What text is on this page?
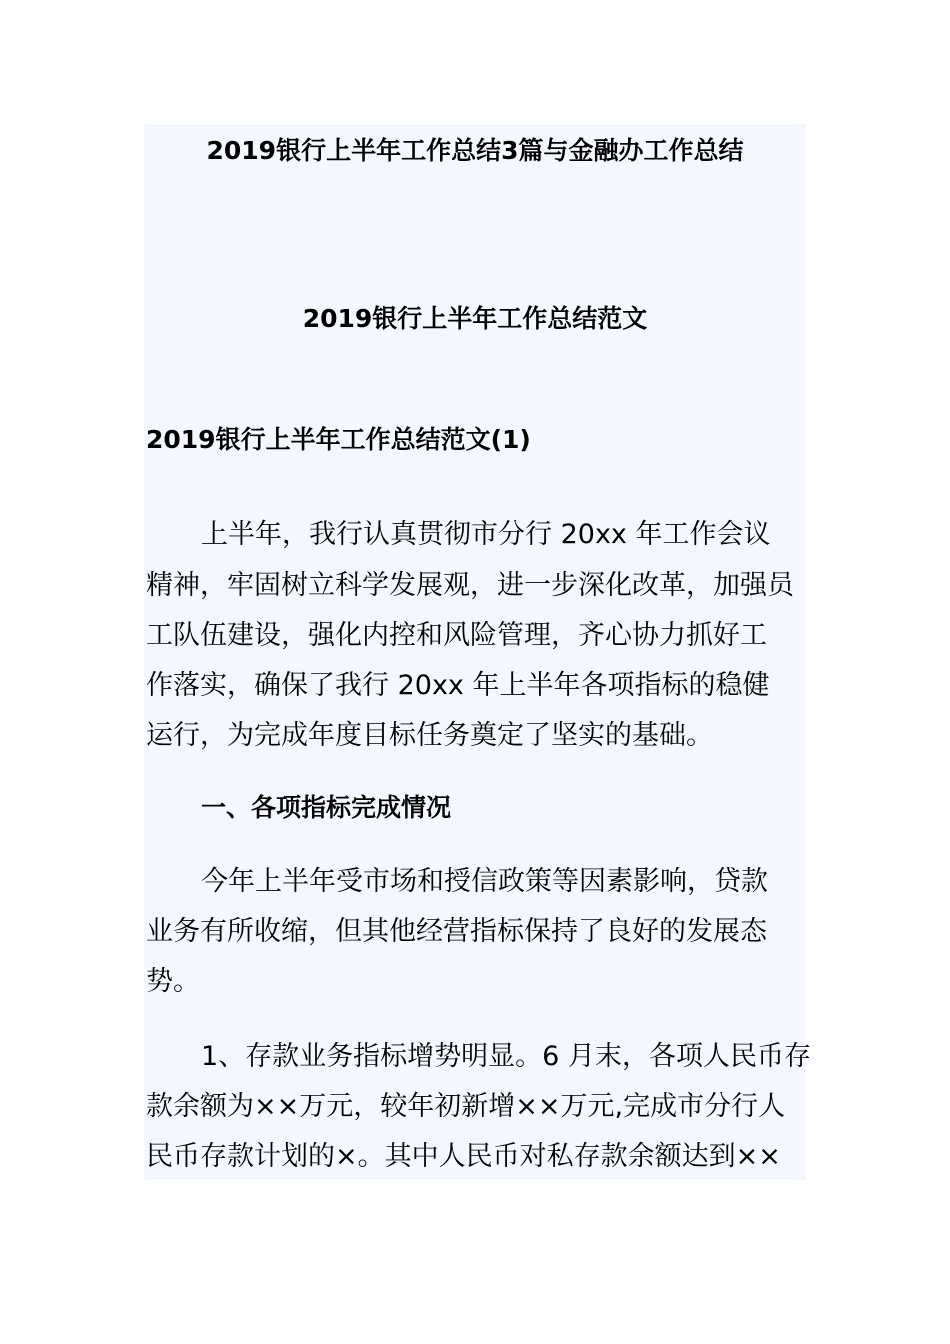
2019银行上半年工作总结3篇与金融办工作总结
2019银行上半年工作总结范文
2019银行上半年工作总结范文(1)

上半年，我行认真贯彻市分行 20xx 年工作会议

精神，牢固树立科学发展观，进一步深化改革，加强员

工队伍建设，强化内控和风险管理，齐心协力抓好工

作落实，确保了我行 20xx 年上半年各项指标的稳健

运行，为完成年度目标任务奠定了坚实的基础。

一、各项指标完成情况

今年上半年受市场和授信政策等因素影响，贷款

业务有所收缩，但其他经营指标保持了良好的发展态

势。

1、存款业务指标增势明显。6 月末，各项人民币存

款余额为××万元，较年初新增××万元,完成市分行人

民币存款计划的×。其中人民币对私存款余额达到××
